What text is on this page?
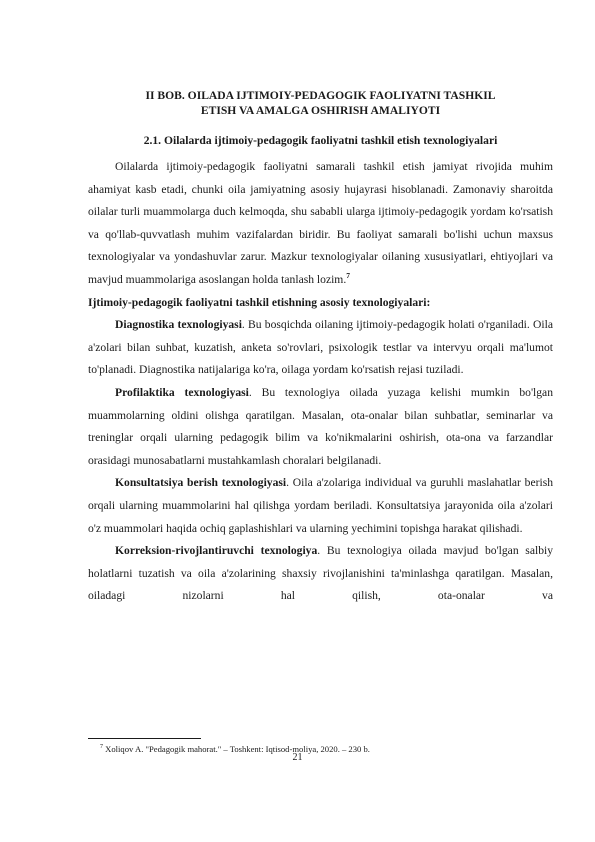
II BOB. OILADA IJTIMOIY-PEDAGOGIK FAOLIYATNI TASHKIL
ETISH VA AMALGA OSHIRISH AMALIYOTI
2.1. Oilalarda ijtimoiy-pedagogik faoliyatni tashkil etish texnologiyalari

Oilalarda ijtimoiy-pedagogik faoliyatni samarali tashkil etish jamiyat rivojida muhim ahamiyat kasb etadi, chunki oila jamiyatning asosiy hujayrasi hisoblanadi. Zamonaviy sharoitda oilalar turli muammolarga duch kelmoqda, shu sababli ularga ijtimoiy-pedagogik yordam ko'rsatish va qo'llab-quvvatlash muhim vazifalardan biridir. Bu faoliyat samarali bo'lishi uchun maxsus texnologiyalar va yondashuvlar zarur. Mazkur texnologiyalar oilaning xususiyatlari, ehtiyojlari va mavjud muammolariga asoslangan holda tanlash lozim.$^7$

Ijtimoiy-pedagogik faoliyatni tashkil etishning asosiy texnologiyalari:

Diagnostika texnologiyasi. Bu bosqichda oilaning ijtimoiy-pedagogik holati o'rganiladi. Oila a'zolari bilan suhbat, kuzatish, anketa so'rovlari, psixologik testlar va intervyu orqali ma'lumot to'planadi. Diagnostika natijalariga ko'ra, oilaga yordam ko'rsatish rejasi tuziladi.

Profilaktika texnologiyasi. Bu texnologiya oilada yuzaga kelishi mumkin bo'lgan muammolarning oldini olishga qaratilgan. Masalan, ota-onalar bilan suhbatlar, seminarlar va treninglar orqali ularning pedagogik bilim va ko'nikmalarini oshirish, ota-ona va farzandlar orasidagi munosabatlarni mustahkamlash choralari belgilanadi.

Konsultatsiya berish texnologiyasi. Oila a'zolariga individual va guruhli maslahatlar berish orqali ularning muammolarini hal qilishga yordam beriladi. Konsultatsiya jarayonida oila a'zolari o'z muammolari haqida ochiq gaplashishlari va ularning yechimini topishga harakat qilishadi.

Korreksion-rivojlantiruvchi texnologiya. Bu texnologiya oilada mavjud bo'lgan salbiy holatlarni tuzatish va oila a'zolarining shaxsiy rivojlanishini ta'minlashga qaratilgan. Masalan, oiladagi nizolarni hal qilish, ota-onalar va

$^7$ Xoliqov A. "Pedagogik mahorat." – Toshkent: Iqtisod-moliya, 2020. – 230 b.
21
